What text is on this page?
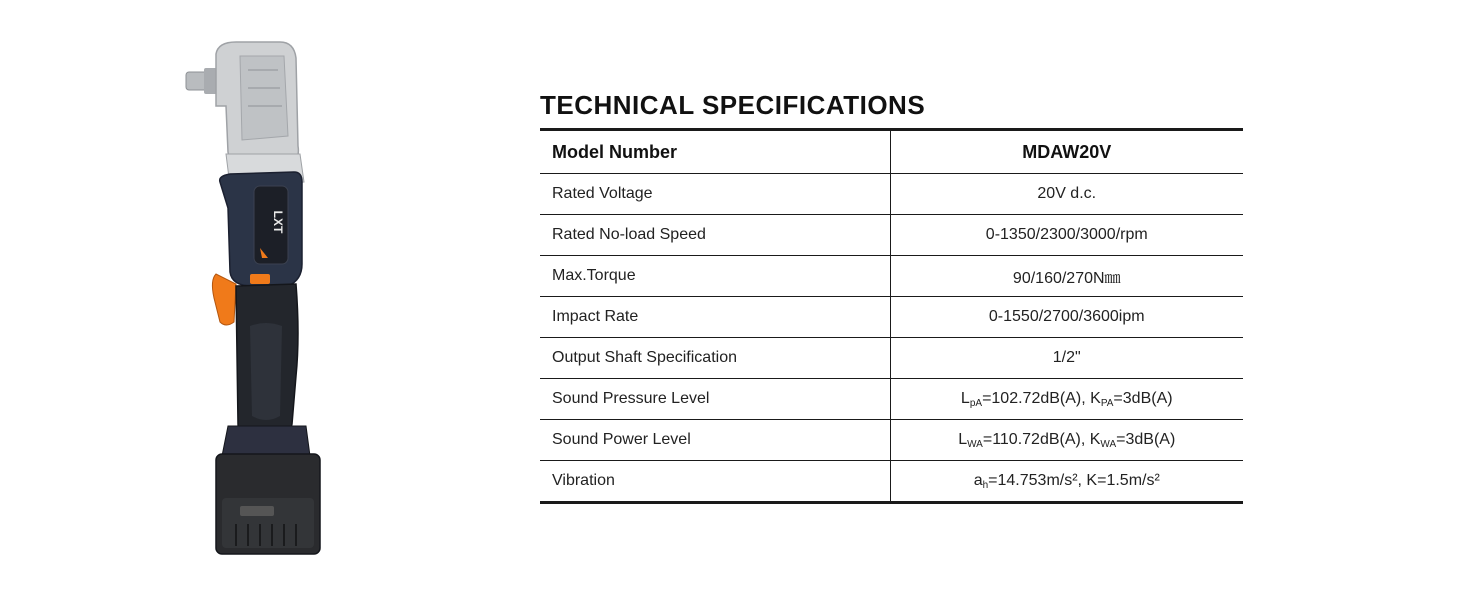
LXT
TECHNICAL SPECIFICATIONS
Model Number	MDAW20V
Rated Voltage	20V d.c.
Rated No-load Speed	0-1350/2300/3000/rpm
Max.Torque	90/160/270N㎜
Impact Rate	0-1550/2700/3600ipm
Output Shaft Specification	1/2"
Sound Pressure Level	$L_{pA}=102.72dB(A)$, $K_{PA}=3dB(A)$
Sound Power Level	$L_{WA}=110.72dB(A)$, $K_{WA}=3dB(A)$
Vibration	$a_h=14.753m/s^2$, K=1.5m/s²
